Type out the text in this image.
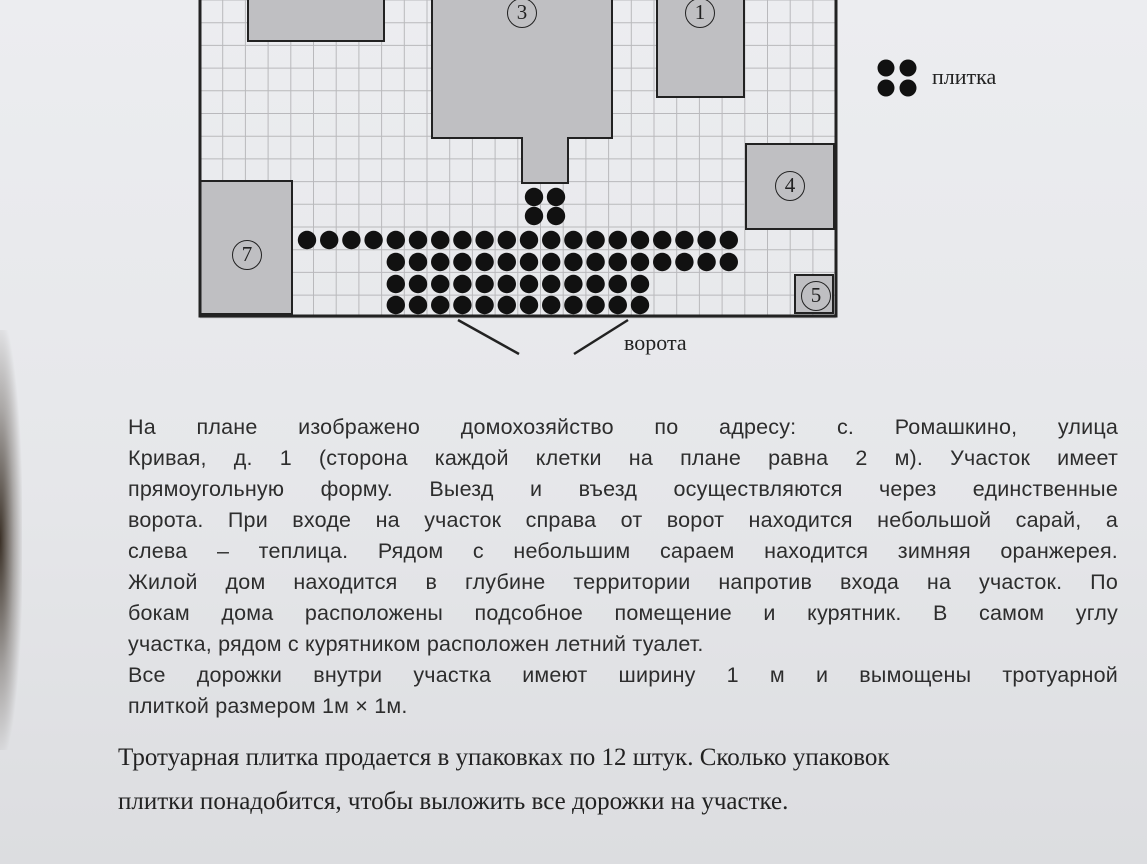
3	1
4
7
5
плитка
ворота
На плане изображено домохозяйство по адресу: с. Ромашкино, улица
Кривая, д. 1 (сторона каждой клетки на плане равна 2 м). Участок имеет
прямоугольную форму. Выезд и въезд осуществляются через единственные
ворота. При входе на участок справа от ворот находится небольшой сарай, а
слева – теплица. Рядом с небольшим сараем находится зимняя оранжерея.
Жилой дом находится в глубине территории напротив входа на участок. По
бокам дома расположены подсобное помещение и курятник. В самом углу
участка, рядом с курятником расположен летний туалет.
Все дорожки внутри участка имеют ширину 1 м и вымощены тротуарной
плиткой размером 1м × 1м.
Тротуарная плитка продается в упаковках по 12 штук. Сколько упаковок
плитки понадобится, чтобы выложить все дорожки на участке.
